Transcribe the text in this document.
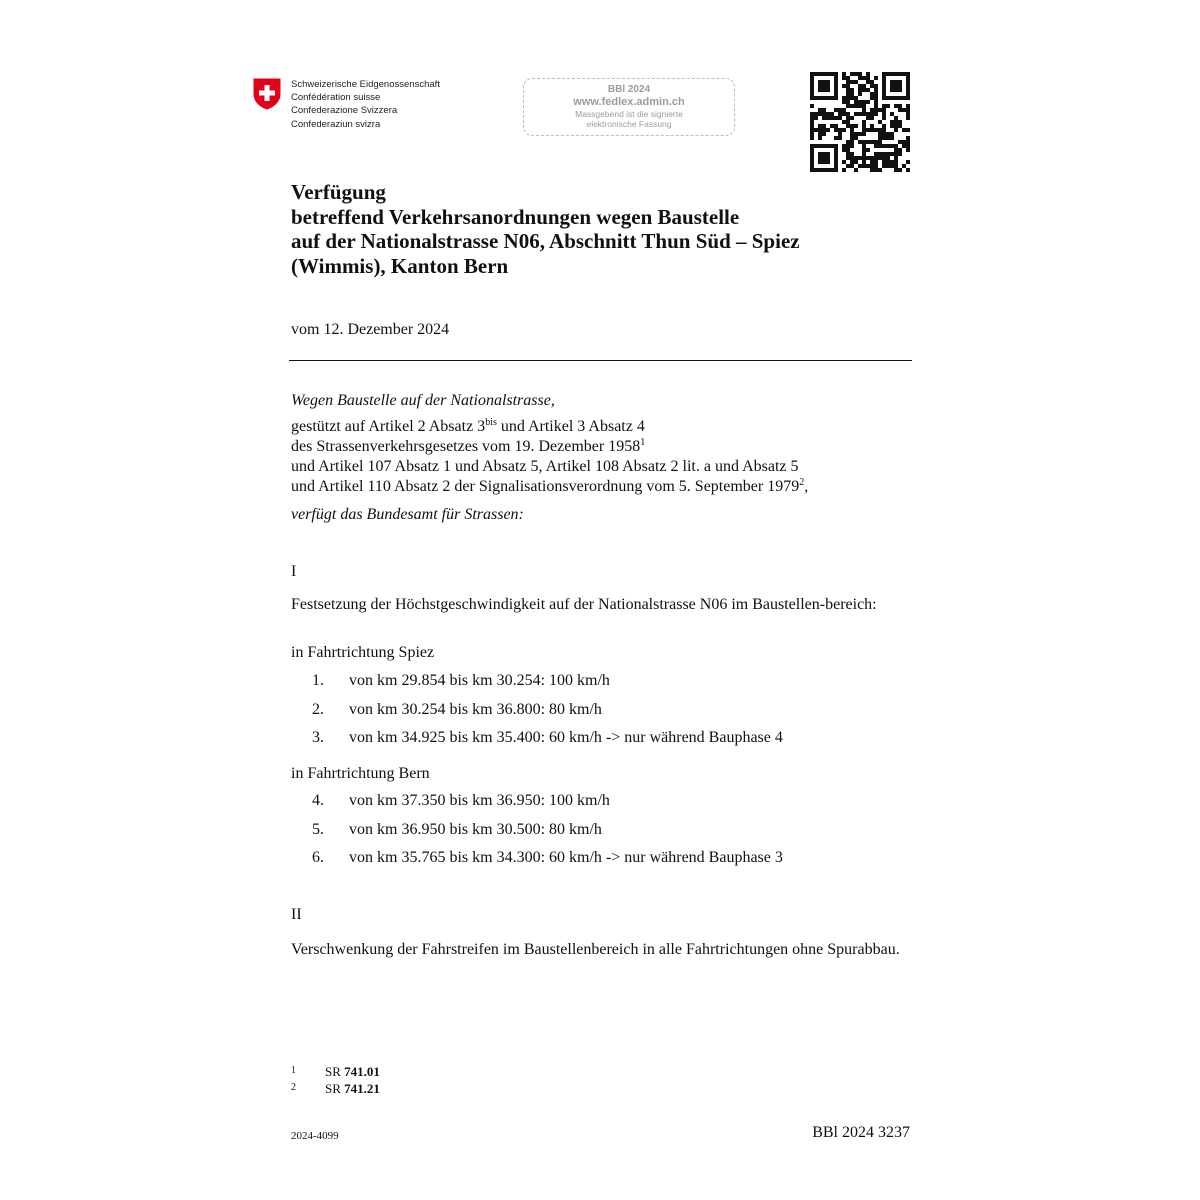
Schweizerische Eidgenossenschaft
Confédération suisse
Confederazione Svizzera
Confederaziun svizra
BBl 2024
www.fedlex.admin.ch
Massgebend ist die signierte
elektronische Fassung
Verfügung
betreffend Verkehrsanordnungen wegen Baustelle
auf der Nationalstrasse N06, Abschnitt Thun Süd – Spiez
(Wimmis), Kanton Bern
vom 12. Dezember 2024
Wegen Baustelle auf der Nationalstrasse,
gestützt auf Artikel 2 Absatz $3^{bis}$ und Artikel 3 Absatz 4
des Strassenverkehrsgesetzes vom 19. Dezember 1958$^1$
und Artikel 107 Absatz 1 und Absatz 5, Artikel 108 Absatz 2 lit. a und Absatz 5
und Artikel 110 Absatz 2 der Signalisationsverordnung vom 5. September 1979$^2$,
verfügt das Bundesamt für Strassen:
I
Festsetzung der Höchstgeschwindigkeit auf der Nationalstrasse N06 im Baustellen-bereich:
in Fahrtrichtung Spiez
1. von km 29.854 bis km 30.254: 100 km/h
2. von km 30.254 bis km 36.800: 80 km/h
3. von km 34.925 bis km 35.400: 60 km/h -> nur während Bauphase 4
in Fahrtrichtung Bern
4. von km 37.350 bis km 36.950: 100 km/h
5. von km 36.950 bis km 30.500: 80 km/h
6. von km 35.765 bis km 34.300: 60 km/h -> nur während Bauphase 3
II
Verschwenkung der Fahrstreifen im Baustellenbereich in alle Fahrtrichtungen ohne Spurabbau.
1 SR 741.01
2 SR 741.21
2024-4099	BBl 2024 3237
